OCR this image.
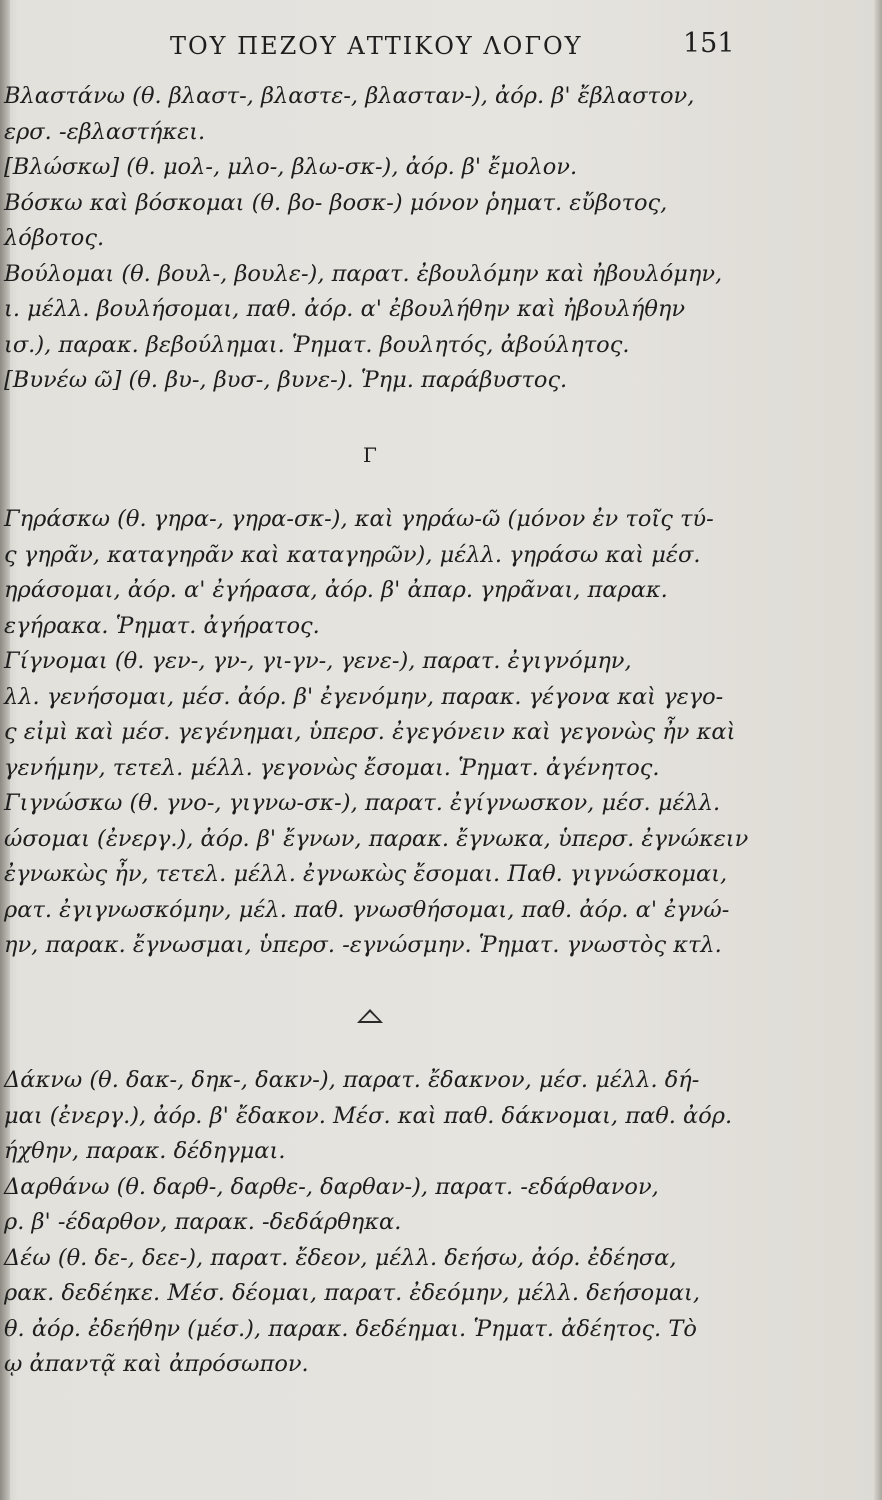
ΤΟΥ ΠΕΖΟΥ ΑΤΤΙΚΟΥ ΛΟΓΟΥ	151
Βλαστάνω (θ. βλαστ-, βλαστε-, βλασταν-), ἀόρ. β' ἔβλαστον,
ερσ. -εβλαστήκει.
[Βλώσκω] (θ. μολ-, μλο-, βλω-σκ-), ἀόρ. β' ἔμολον.
Βόσκω καὶ βόσκομαι (θ. βο- βοσκ-) μόνον ῥηματ. εὔβοτος,
λόβοτος.
Βούλομαι (θ. βουλ-, βουλε-), παρατ. ἐβουλόμην καὶ ἠβουλόμην,
ι. μέλλ. βουλήσομαι, παθ. ἀόρ. α' ἐβουλήθην καὶ ἠβουλήθην
ισ.), παρακ. βεβούλημαι. Ῥηματ. βουλητός, ἀβούλητος.
[Βυνέω ῶ] (θ. βυ-, βυσ-, βυνε-). Ῥημ. παράβυστος.
Γ
Γηράσκω (θ. γηρα-, γηρα-σκ-), καὶ γηράω-ῶ (μόνον ἐν τοῖς τύ-
ς γηρᾶν, καταγηρᾶν καὶ καταγηρῶν), μέλλ. γηράσω καὶ μέσ.
ηράσομαι, ἀόρ. α' ἐγήρασα, ἀόρ. β' ἀπαρ. γηρᾶναι, παρακ.
εγήρακα. Ῥηματ. ἀγήρατος.
Γίγνομαι (θ. γεν-, γν-, γι-γν-, γενε-), παρατ. ἐγιγνόμην,
λλ. γενήσομαι, μέσ. ἀόρ. β' ἐγενόμην, παρακ. γέγονα καὶ γεγο-
ς εἰμὶ καὶ μέσ. γεγένημαι, ὑπερσ. ἐγεγόνειν καὶ γεγονὼς ἦν καὶ
γενήμην, τετελ. μέλλ. γεγονὼς ἔσομαι. Ῥηματ. ἀγένητος.
Γιγνώσκω (θ. γνο-, γιγνω-σκ-), παρατ. ἐγίγνωσκον, μέσ. μέλλ.
ώσομαι (ἐνεργ.), ἀόρ. β' ἔγνων, παρακ. ἔγνωκα, ὑπερσ. ἐγνώκειν
ἐγνωκὼς ἦν, τετελ. μέλλ. ἐγνωκὼς ἔσομαι. Παθ. γιγνώσκομαι,
ρατ. ἐγιγνωσκόμην, μέλ. παθ. γνωσθήσομαι, παθ. ἀόρ. α' ἐγνώ-
ην, παρακ. ἔγνωσμαι, ὑπερσ. -εγνώσμην. Ῥηματ. γνωστὸς κτλ.
Δάκνω (θ. δακ-, δηκ-, δακν-), παρατ. ἔδακνον, μέσ. μέλλ. δή-
μαι (ἐνεργ.), ἀόρ. β' ἔδακον. Μέσ. καὶ παθ. δάκνομαι, παθ. ἀόρ.
ήχθην, παρακ. δέδηγμαι.
Δαρθάνω (θ. δαρθ-, δαρθε-, δαρθαν-), παρατ. -εδάρθανον,
ρ. β' -έδαρθον, παρακ. -δεδάρθηκα.
Δέω (θ. δε-, δεε-), παρατ. ἔδεον, μέλλ. δεήσω, ἀόρ. ἐδέησα,
ρακ. δεδέηκε. Μέσ. δέομαι, παρατ. ἐδεόμην, μέλλ. δεήσομαι,
θ. ἀόρ. ἐδεήθην (μέσ.), παρακ. δεδέημαι. Ῥηματ. ἀδέητος. Τὸ
ῳ ἀπαντᾷ καὶ ἀπρόσωπον.
